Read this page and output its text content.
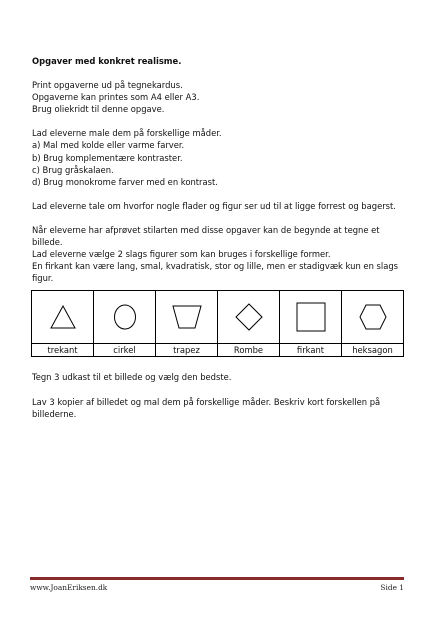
Opgaver med konkret realisme.

Print opgaverne ud på tegnekardus.
Opgaverne kan printes som A4 eller A3.
Brug oliekridt til denne opgave.

Lad eleverne male dem på forskellige måder.
a) Mal med kolde eller varme farver.
b) Brug komplementære kontraster.
c) Brug gråskalaen.
d) Brug monokrome farver med en kontrast.

Lad eleverne tale om hvorfor nogle flader og figur ser ud til at ligge forrest og bagerst.

Når eleverne har afprøvet stilarten med disse opgaver kan de begynde at tegne et billede.
Lad eleverne vælge 2 slags figurer som kan bruges i forskellige former.
En firkant kan være lang, smal, kvadratisk, stor og lille, men er stadigvæk kun en slags figur.

trekant	cirkel	trapez	Rombe	firkant	heksagon

Tegn 3 udkast til et billede og vælg den bedste.

Lav 3 kopier af billedet og mal dem på forskellige måder. Beskriv kort forskellen på billederne.

www.JoanEriksen.dk	Side 1
